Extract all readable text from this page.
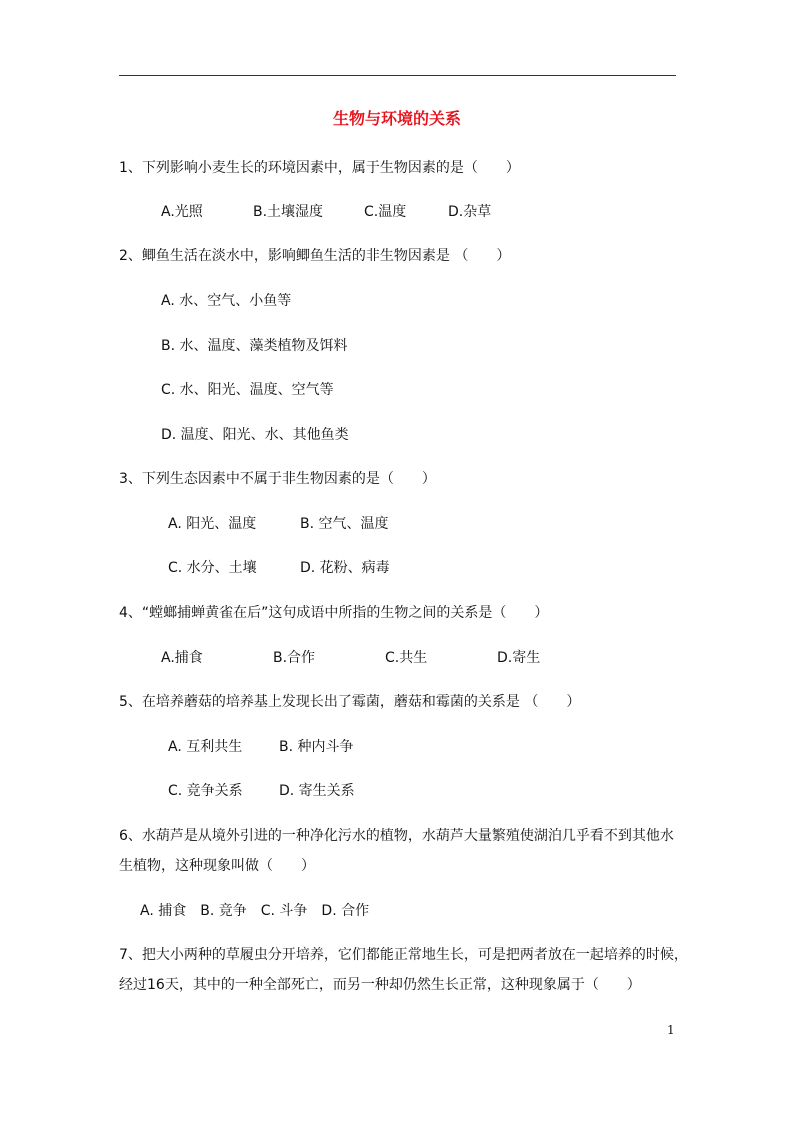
生物与环境的关系
1、下列影响小麦生长的环境因素中，属于生物因素的是（　　）
A.光照	B.土壤湿度	C.温度	D.杂草
2、鲫鱼生活在淡水中，影响鲫鱼生活的非生物因素是 （　　）
A. 水、空气、小鱼等
B. 水、温度、藻类植物及饵料
C. 水、阳光、温度、空气等
D. 温度、阳光、水、其他鱼类
3、下列生态因素中不属于非生物因素的是（　　）
A. 阳光、温度	B. 空气、温度
C. 水分、土壤	D. 花粉、病毒
4、“螳螂捕蝉黄雀在后”这句成语中所指的生物之间的关系是（　　）
A.捕食	B.合作	C.共生	D.寄生
5、在培养蘑菇的培养基上发现长出了霉菌，蘑菇和霉菌的关系是 （　　）
A. 互利共生	B. 种内斗争
C. 竞争关系	D. 寄生关系
6、水葫芦是从境外引进的一种净化污水的植物，水葫芦大量繁殖使湖泊几乎看不到其他水
生植物，这种现象叫做（　　）
A. 捕食　B. 竞争　C. 斗争　D. 合作
7、把大小两种的草履虫分开培养，它们都能正常地生长，可是把两者放在一起培养的时候，
经过16天，其中的一种全部死亡，而另一种却仍然生长正常，这种现象属于（　　）
1
